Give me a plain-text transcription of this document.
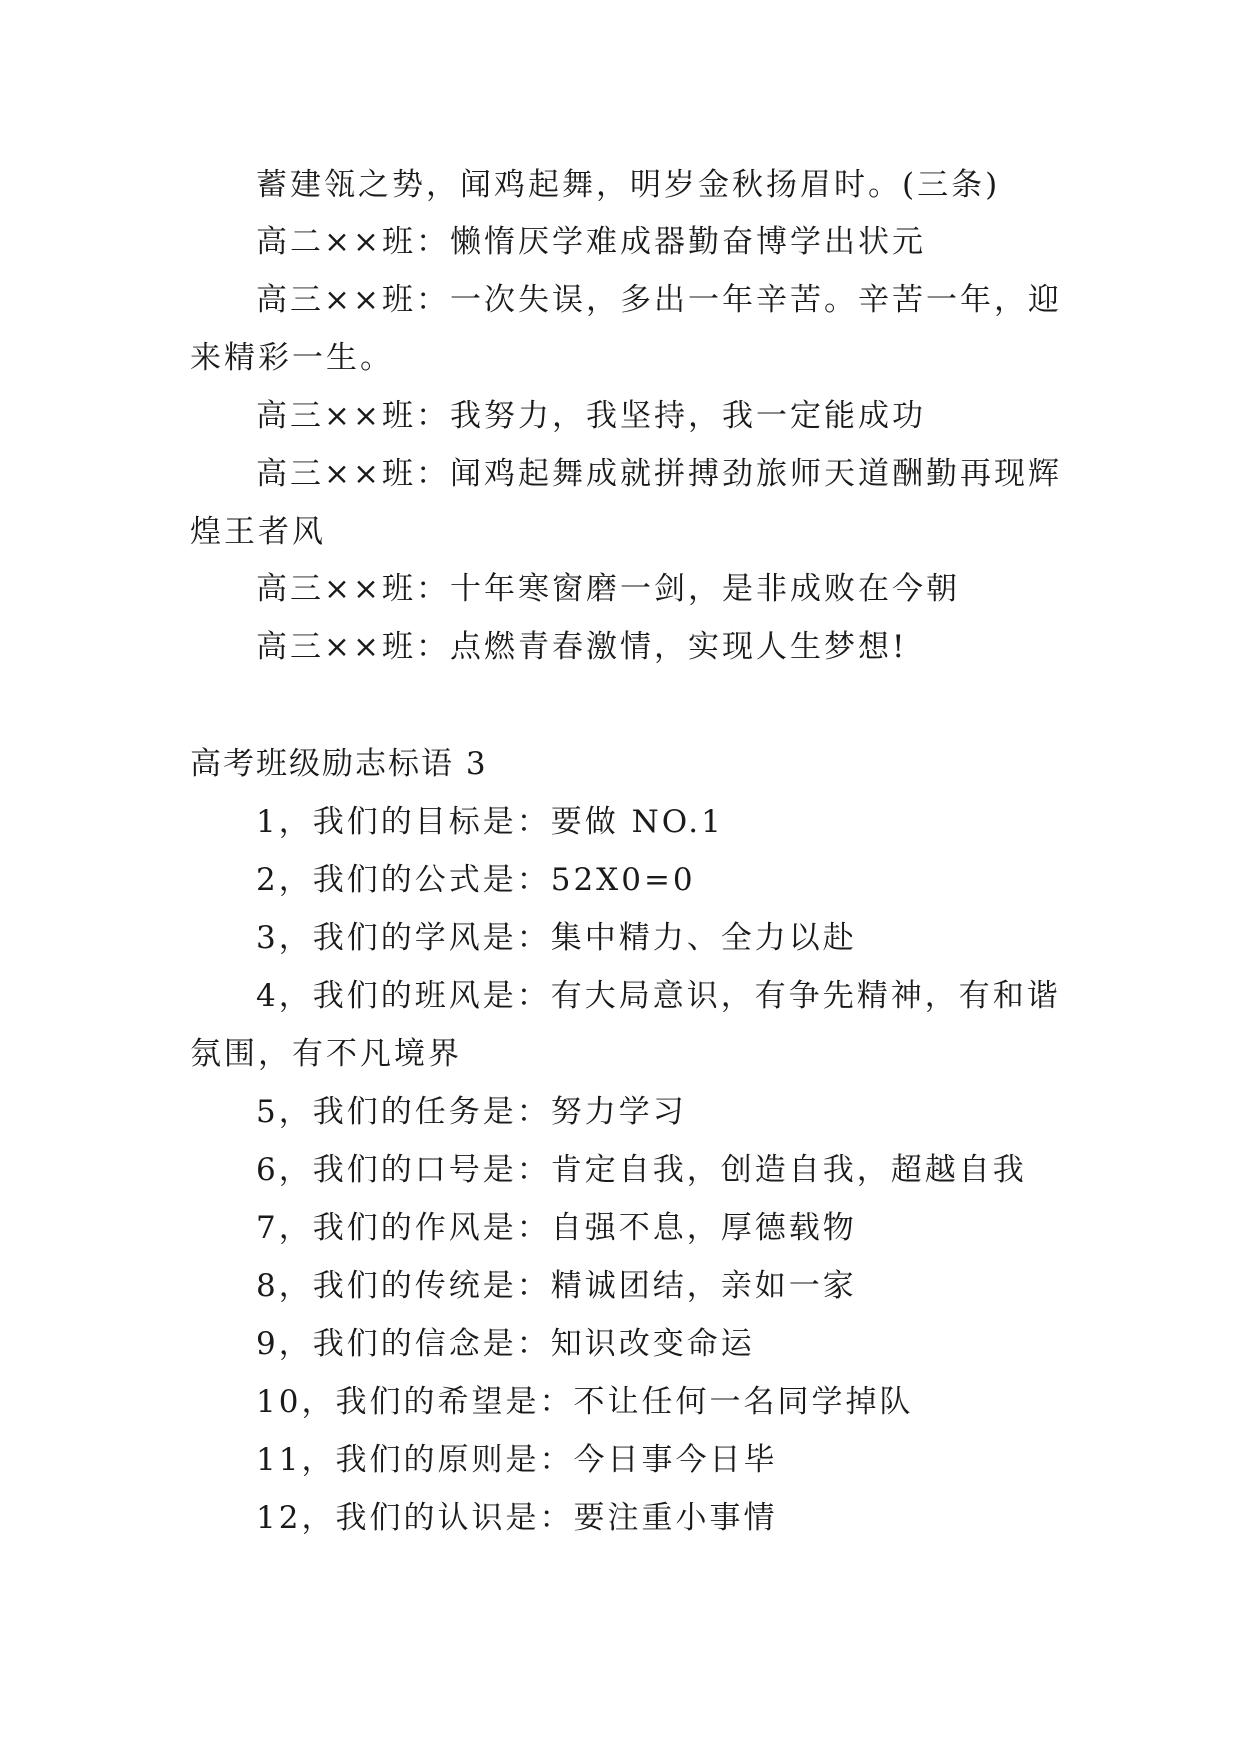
蓄建瓴之势，闻鸡起舞，明岁金秋扬眉时。(三条)
高二××班：懒惰厌学难成器勤奋博学出状元
高三××班：一次失误，多出一年辛苦。辛苦一年，迎
来精彩一生。
高三××班：我努力，我坚持，我一定能成功
高三××班：闻鸡起舞成就拼搏劲旅师天道酬勤再现辉
煌王者风
高三××班：十年寒窗磨一剑，是非成败在今朝
高三××班：点燃青春激情，实现人生梦想!
高考班级励志标语 3
1，我们的目标是：要做 NO.1
2，我们的公式是：52X0=0
3，我们的学风是：集中精力、全力以赴
4，我们的班风是：有大局意识，有争先精神，有和谐
氛围，有不凡境界
5，我们的任务是：努力学习
6，我们的口号是：肯定自我，创造自我，超越自我
7，我们的作风是：自强不息，厚德载物
8，我们的传统是：精诚团结，亲如一家
9，我们的信念是：知识改变命运
10，我们的希望是：不让任何一名同学掉队
11，我们的原则是：今日事今日毕
12，我们的认识是：要注重小事情
